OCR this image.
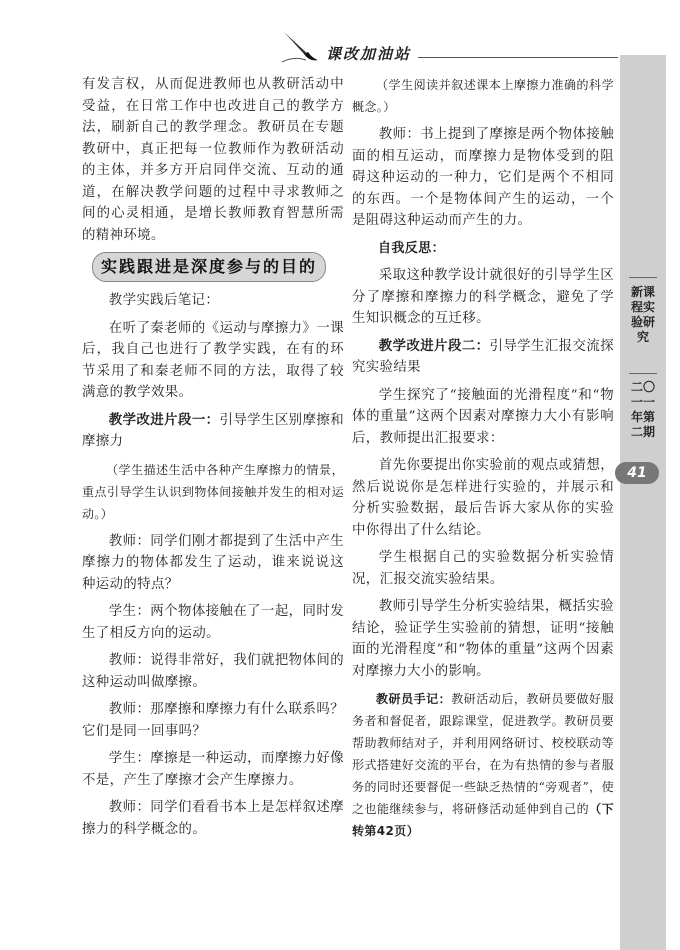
课改加油站
新课程实验研究
二〇一一年第二期
41

有发言权，从而促进教师也从教研活动中受益，在日常工作中也改进自己的教学方法，刷新自己的教学理念。教研员在专题教研中，真正把每一位教师作为教研活动的主体，并多方开启同伴交流、互动的通道，在解决教学问题的过程中寻求教师之间的心灵相通，是增长教师教育智慧所需的精神环境。

实践跟进是深度参与的目的

教学实践后笔记：

在听了秦老师的《运动与摩擦力》一课后，我自己也进行了教学实践，在有的环节采用了和秦老师不同的方法，取得了较满意的教学效果。

教学改进片段一：引导学生区别摩擦和摩擦力

（学生描述生活中各种产生摩擦力的情景，重点引导学生认识到物体间接触并发生的相对运动。）

教师：同学们刚才都提到了生活中产生摩擦力的物体都发生了运动，谁来说说这种运动的特点？

学生：两个物体接触在了一起，同时发生了相反方向的运动。

教师：说得非常好，我们就把物体间的这种运动叫做摩擦。

教师：那摩擦和摩擦力有什么联系吗？它们是同一回事吗？

学生：摩擦是一种运动，而摩擦力好像不是，产生了摩擦才会产生摩擦力。

教师：同学们看看书本上是怎样叙述摩擦力的科学概念的。

（学生阅读并叙述课本上摩擦力准确的科学概念。）

教师：书上提到了摩擦是两个物体接触面的相互运动，而摩擦力是物体受到的阻碍这种运动的一种力，它们是两个不相同的东西。一个是物体间产生的运动，一个是阻碍这种运动而产生的力。

自我反思：

采取这种教学设计就很好的引导学生区分了摩擦和摩擦力的科学概念，避免了学生知识概念的互迁移。

教学改进片段二：引导学生汇报交流探究实验结果

学生探究了“接触面的光滑程度”和“物体的重量”这两个因素对摩擦力大小有影响后，教师提出汇报要求：

首先你要提出你实验前的观点或猜想，然后说说你是怎样进行实验的，并展示和分析实验数据，最后告诉大家从你的实验中你得出了什么结论。

学生根据自己的实验数据分析实验情况，汇报交流实验结果。

教师引导学生分析实验结果，概括实验结论，验证学生实验前的猜想，证明“接触面的光滑程度”和“物体的重量”这两个因素对摩擦力大小的影响。

教研员手记：教研活动后，教研员要做好服务者和督促者，跟踪课堂，促进教学。教研员要帮助教师结对子，并利用网络研讨、校校联动等形式搭建好交流的平台，在为有热情的参与者服务的同时还要督促一些缺乏热情的“旁观者”，使之也能继续参与，将研修活动延伸到自己的（下转第42页）
